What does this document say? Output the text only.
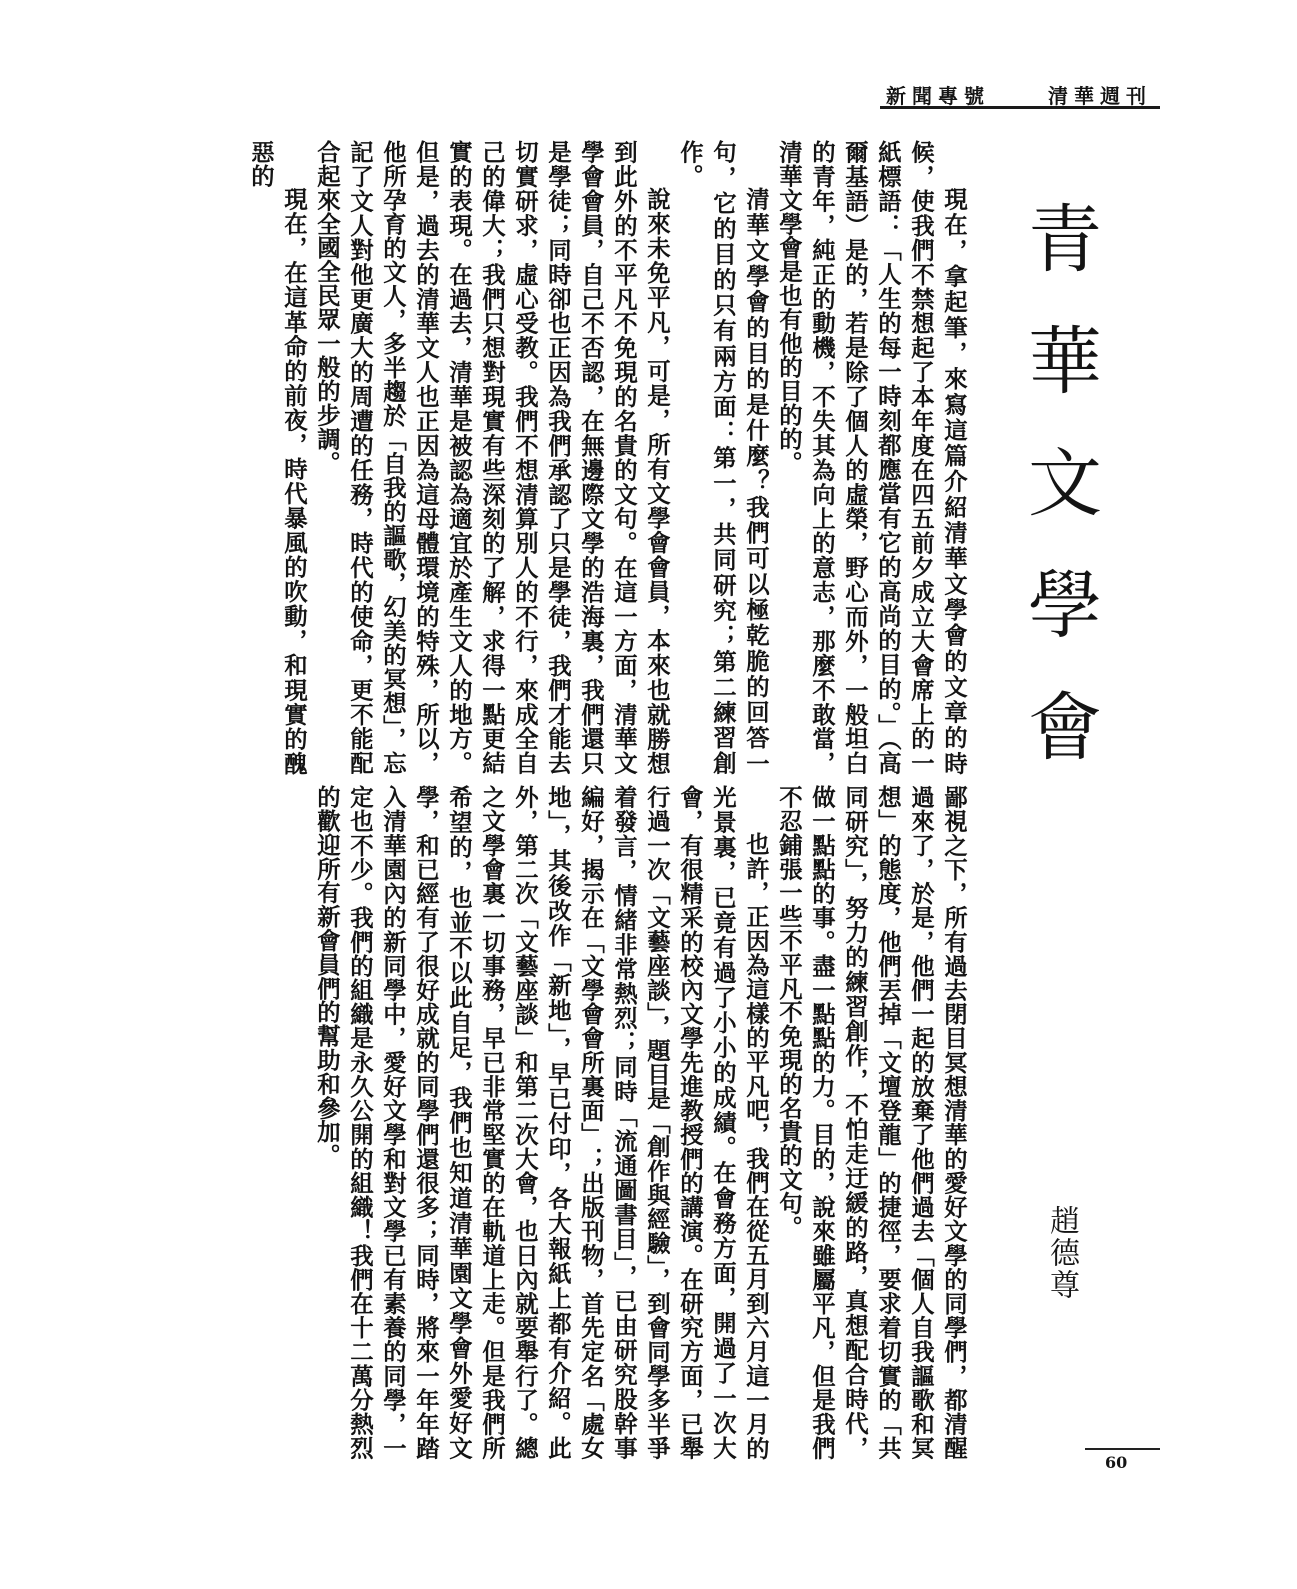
清華週刊
新聞專號
青華文學會
趙德尊

現在，拿起筆，來寫這篇介紹清華文學會的文章的時候，使我們不禁想起了本年度在四五前夕成立大會席上的一紙標語：「人生的每一時刻都應當有它的高尚的目的。」（高爾基語）是的，若是除了個人的虛榮，野心而外，一般坦白的青年，純正的動機，不失其為向上的意志，那麼不敢當，清華文學會是也有他的目的的。

清華文學會的目的是什麼？我們可以極乾脆的回答一句，它的目的只有兩方面：第一，共同研究；第二練習創作。

說來未免平凡，可是，所有文學會會員，本來也就勝想到此外的不平凡不免現的名貴的文句。在這一方面，清華文學會會員，自己不否認，在無邊際文學的浩海裏，我們還只是學徒；同時卻也正因為我們承認了只是學徒，我們才能去切實研求，虛心受教。我們不想清算別人的不行，來成全自己的偉大；我們只想對現實有些深刻的了解，求得一點更結實的表現。在過去，清華是被認為適宜於產生文人的地方。但是，過去的清華文人也正因為這母體環境的特殊，所以，他所孕育的文人，多半趨於「自我的謳歌，幻美的冥想」，忘記了文人對他更廣大的周遭的任務，時代的使命，更不能配合起來全國全民眾一般的步調。

現在，在這革命的前夜，時代暴風的吹動，和現實的醜惡的

鄙視之下，所有過去閉目冥想清華的愛好文學的同學們，都清醒過來了，於是，他們一起的放棄了他們過去「個人自我謳歌和冥想」的態度，他們丟掉「文壇登龍」的捷徑，要求着切實的「共同研究」，努力的練習創作，不怕走迂緩的路，真想配合時代，做一點點的事。盡一點點的力。目的，說來雖屬平凡，但是我們不忍鋪張一些不平凡不免現的名貴的文句。

也許，正因為這樣的平凡吧，我們在從五月到六月這一月的光景裏，已竟有過了小小的成績。在會務方面，開過了一次大會，有很精采的校內文學先進教授們的講演。在研究方面，已舉行過一次「文藝座談」，題目是「創作與經驗」，到會同學多半爭着發言，情緒非常熱烈；同時「流通圖書目」，已由研究股幹事編好，揭示在「文學會會所裏面」；出版刊物，首先定名「處女地」，其後改作「新地」，早已付印，各大報紙上都有介紹。此外，第二次「文藝座談」和第二次大會，也日內就要舉行了。總之文學會裏一切事務，早已非常堅實的在軌道上走。但是我們所希望的，也並不以此自足，我們也知道清華園文學會外愛好文學，和已經有了很好成就的同學們還很多；同時，將來一年年踏入清華園內的新同學中，愛好文學和對文學已有素養的同學，一定也不少。我們的組織是永久公開的組織！我們在十二萬分熱烈的歡迎所有新會員們的幫助和參加。

60
